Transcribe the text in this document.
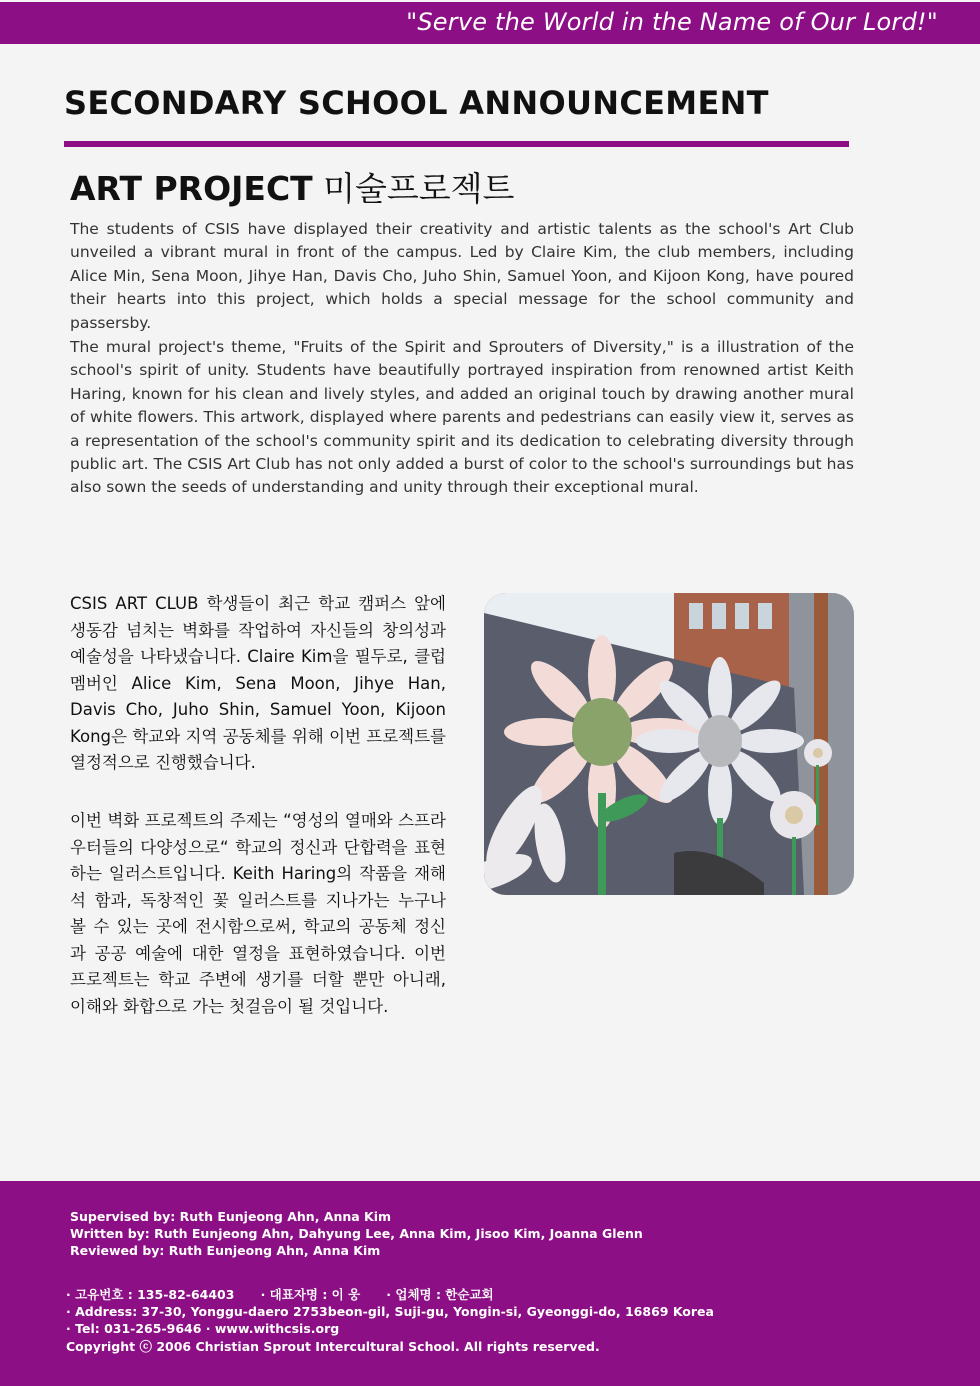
"Serve the World in the Name of Our Lord!"
SECONDARY SCHOOL ANNOUNCEMENT
ART PROJECT 미술프로젝트

The students of CSIS have displayed their creativity and artistic talents as the school's Art Club unveiled a vibrant mural in front of the campus. Led by Claire Kim, the club members, including Alice Min, Sena Moon, Jihye Han, Davis Cho, Juho Shin, Samuel Yoon, and Kijoon Kong, have poured their hearts into this project, which holds a special message for the school community and passersby.

The mural project's theme, "Fruits of the Spirit and Sprouters of Diversity," is a illustration of the school's spirit of unity. Students have beautifully portrayed inspiration from renowned artist Keith Haring, known for his clean and lively styles, and added an original touch by drawing another mural of white flowers. This artwork, displayed where parents and pedestrians can easily view it, serves as a representation of the school's community spirit and its dedication to celebrating diversity through public art. The CSIS Art Club has not only added a burst of color to the school's surroundings but has also sown the seeds of understanding and unity through their exceptional mural.

CSIS ART CLUB 학생들이 최근 학교 캠퍼스 앞에 생동감 넘치는 벽화를 작업하여 자신들의 창의성과 예술성을 나타냈습니다. Claire Kim을 필두로, 클럽 멤버인 Alice Kim, Sena Moon, Jihye Han, Davis Cho, Juho Shin, Samuel Yoon, Kijoon Kong은 학교와 지역 공동체를 위해 이번 프로젝트를 열정적으로 진행했습니다.

이번 벽화 프로젝트의 주제는 “영성의 열매와 스프라우터들의 다양성으로“ 학교의 정신과 단합력을 표현하는 일러스트입니다. Keith Haring의 작품을 재해석 함과, 독창적인 꽃 일러스트를 지나가는 누구나 볼 수 있는 곳에 전시함으로써, 학교의 공동체 정신과 공공 예술에 대한 열정을 표현하였습니다. 이번 프로젝트는 학교 주변에 생기를 더할 뿐만 아니래, 이해와 화합으로 가는 첫걸음이 될 것입니다.

Supervised by: Ruth Eunjeong Ahn, Anna Kim

Written by: Ruth Eunjeong Ahn, Dahyung Lee, Anna Kim, Jisoo Kim, Joanna Glenn

Reviewed by: Ruth Eunjeong Ahn, Anna Kim

· 고유번호 : 135-82-64403      · 대표자명 : 이 웅      · 업체명 : 한순교회

· Address: 37-30, Yonggu-daero 2753beon-gil, Suji-gu, Yongin-si, Gyeonggi-do, 16869 Korea

· Tel: 031-265-9646 · www.withcsis.org

Copyright ⓒ 2006 Christian Sprout Intercultural School. All rights reserved.
